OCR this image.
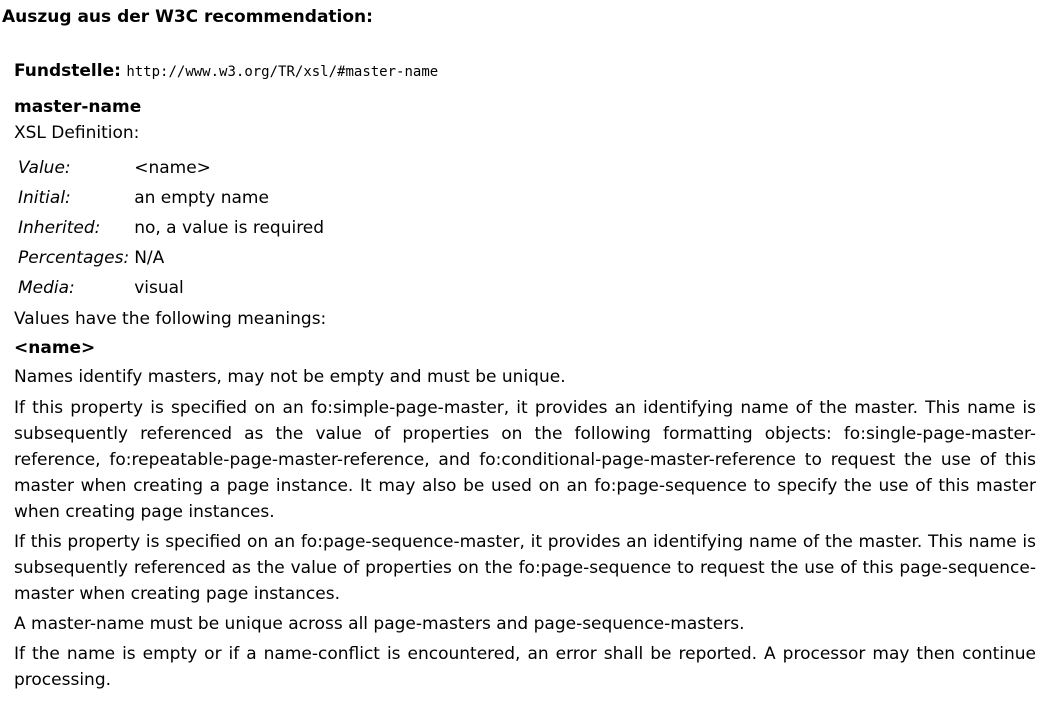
Auszug aus der W3C recommendation:
Fundstelle: http://www.w3.org/TR/xsl/#master-name
master-name
XSL Definition:
Value:	<name>
Initial:	an empty name
Inherited:	no, a value is required
Percentages:	N/A
Media:	visual
Values have the following meanings:
<name>
Names identify masters, may not be empty and must be unique.
If this property is specified on an fo:simple-page-master, it provides an identifying name of the master. This name is subsequently referenced as the value of properties on the following formatting objects: fo:single-page-master-reference, fo:repeatable-page-master-reference, and fo:conditional-page-master-reference to request the use of this master when creating a page instance. It may also be used on an fo:page-sequence to specify the use of this master when creating page instances.
If this property is specified on an fo:page-sequence-master, it provides an identifying name of the master. This name is subsequently referenced as the value of properties on the fo:page-sequence to request the use of this page-sequence-master when creating page instances.
A master-name must be unique across all page-masters and page-sequence-masters.
If the name is empty or if a name-conflict is encountered, an error shall be reported. A processor may then continue processing.
